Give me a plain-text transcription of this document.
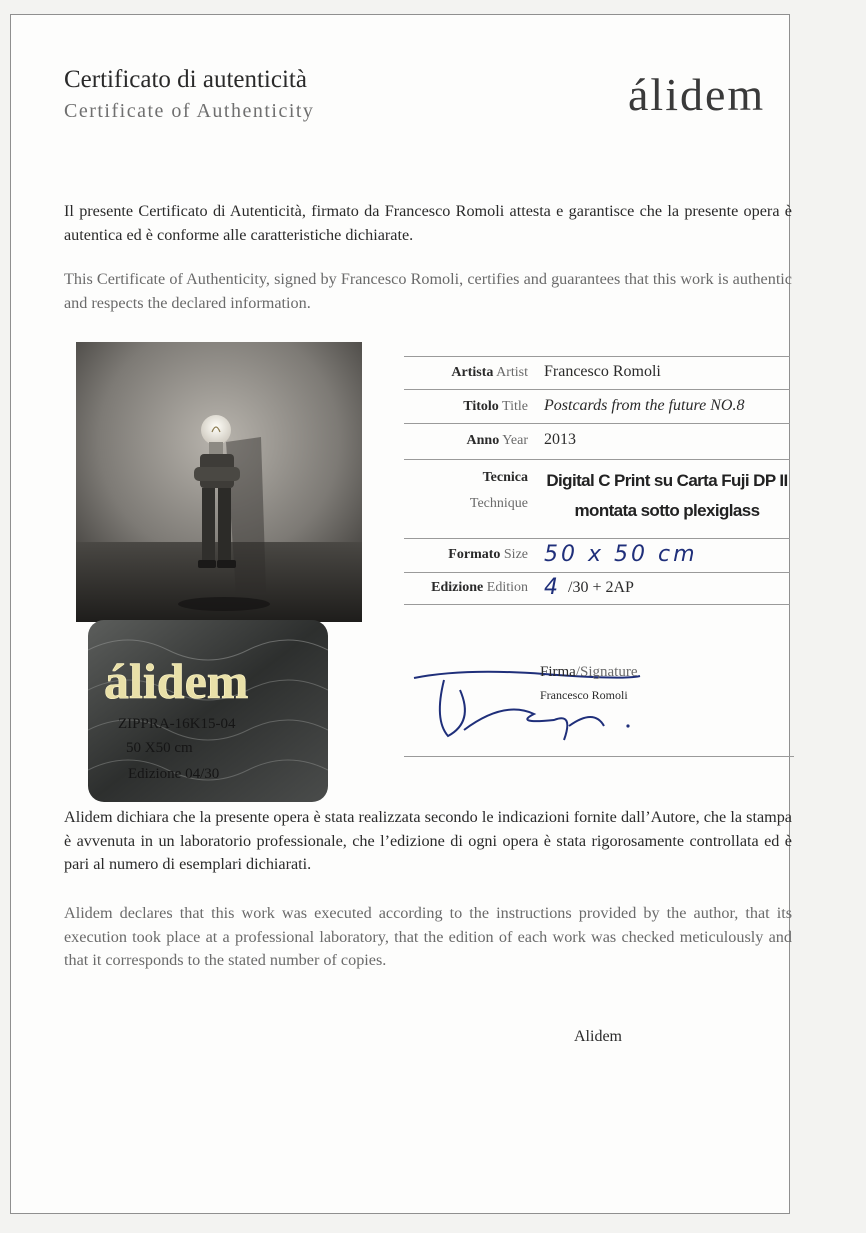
Certificato di autenticità
Certificate of Authenticity	álidem
Il presente Certificato di Autenticità, firmato da Francesco Romoli attesta e garantisce che la presente opera è autentica ed è conforme alle caratteristiche dichiarate.
This Certificate of Authenticity, signed by Francesco Romoli, certifies and guarantees that this work is authentic and respects the declared information.
álidem
ZIPPRA-16K15-04
50 X50 cm
Edizione 04/30
Artista Artist Francesco Romoli
Titolo Title Postcards from the future NO.8
Anno Year 2013
Tecnica
Technique
Digital C Print su Carta Fuji DP II
montata sotto plexiglass
Formato Size 50 x 50 cm
Edizione Edition 4 /30 + 2AP
Firma/Signature
Francesco Romoli
Alidem dichiara che la presente opera è stata realizzata secondo le indicazioni fornite dall’Autore, che la stampa è avvenuta in un laboratorio professionale, che l’edizione di ogni opera è stata rigorosamente controllata ed è pari al numero di esemplari dichiarati.
Alidem declares that this work was executed according to the instructions provided by the author, that its execution took place at a professional laboratory, that the edition of each work was checked meticulously and that it corresponds to the stated number of copies.
Alidem
